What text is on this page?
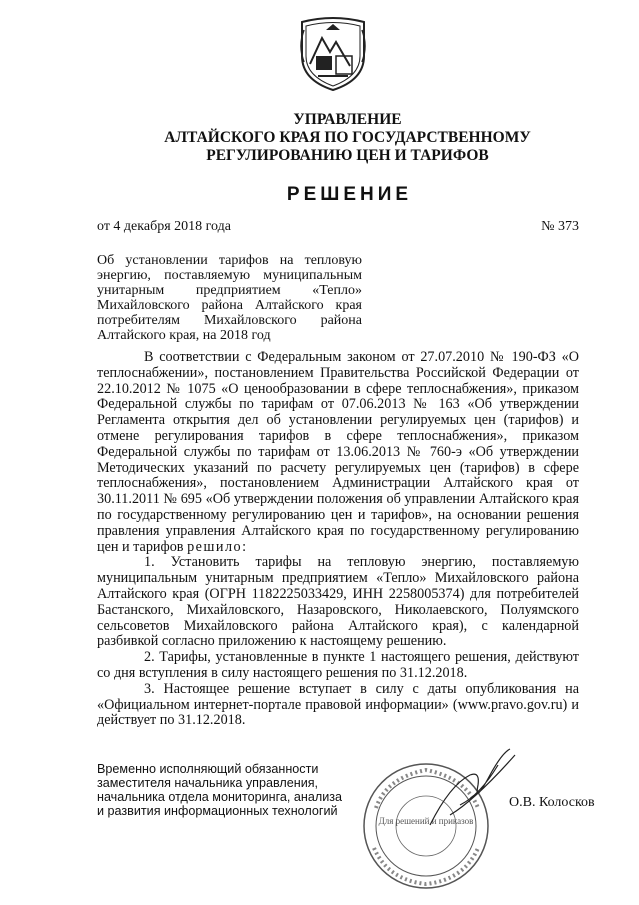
УПРАВЛЕНИЕ
АЛТАЙСКОГО КРАЯ ПО ГОСУДАРСТВЕННОМУ
РЕГУЛИРОВАНИЮ ЦЕН И ТАРИФОВ
РЕШЕНИЕ
от 4 декабря 2018 года	№ 373
Об установлении тарифов на тепловую
энергию, поставляемую муниципальным
унитарным предприятием «Тепло»
Михайловского района Алтайского края
потребителям Михайловского района
Алтайского края, на 2018 год

В соответствии с Федеральным законом от 27.07.2010 № 190-ФЗ «О теплоснабжении», постановлением Правительства Российской Федерации от 22.10.2012 № 1075 «О ценообразовании в сфере теплоснабжения», приказом Федеральной службы по тарифам от 07.06.2013 № 163 «Об утверждении Регламента открытия дел об установлении регулируемых цен (тарифов) и отмене регулирования тарифов в сфере теплоснабжения», приказом Федеральной службы по тарифам от 13.06.2013 № 760-э «Об утверждении Методических указаний по расчету регулируемых цен (тарифов) в сфере теплоснабжения», постановлением Администрации Алтайского края от 30.11.2011 № 695 «Об утверждении положения об управлении Алтайского края по государственному регулированию цен и тарифов», на основании решения правления управления Алтайского края по государственному регулированию цен и тарифов решило:

1. Установить тарифы на тепловую энергию, поставляемую муниципальным унитарным предприятием «Тепло» Михайловского района Алтайского края (ОГРН 1182225033429, ИНН 2258005374) для потребителей Бастанского, Михайловского, Назаровского, Николаевского, Полуямского сельсоветов Михайловского района Алтайского края), с календарной разбивкой согласно приложению к настоящему решению.

2. Тарифы, установленные в пункте 1 настоящего решения, действуют со дня вступления в силу настоящего решения по 31.12.2018.

3. Настоящее решение вступает в силу с даты опубликования на «Официальном интернет-портале правовой информации» (www.pravo.gov.ru) и действует по 31.12.2018.

Временно исполняющий обязанности
заместителя начальника управления,
начальника отдела мониторинга, анализа
и развития информационных технологий
Для решений и приказов
О.В. Колосков
